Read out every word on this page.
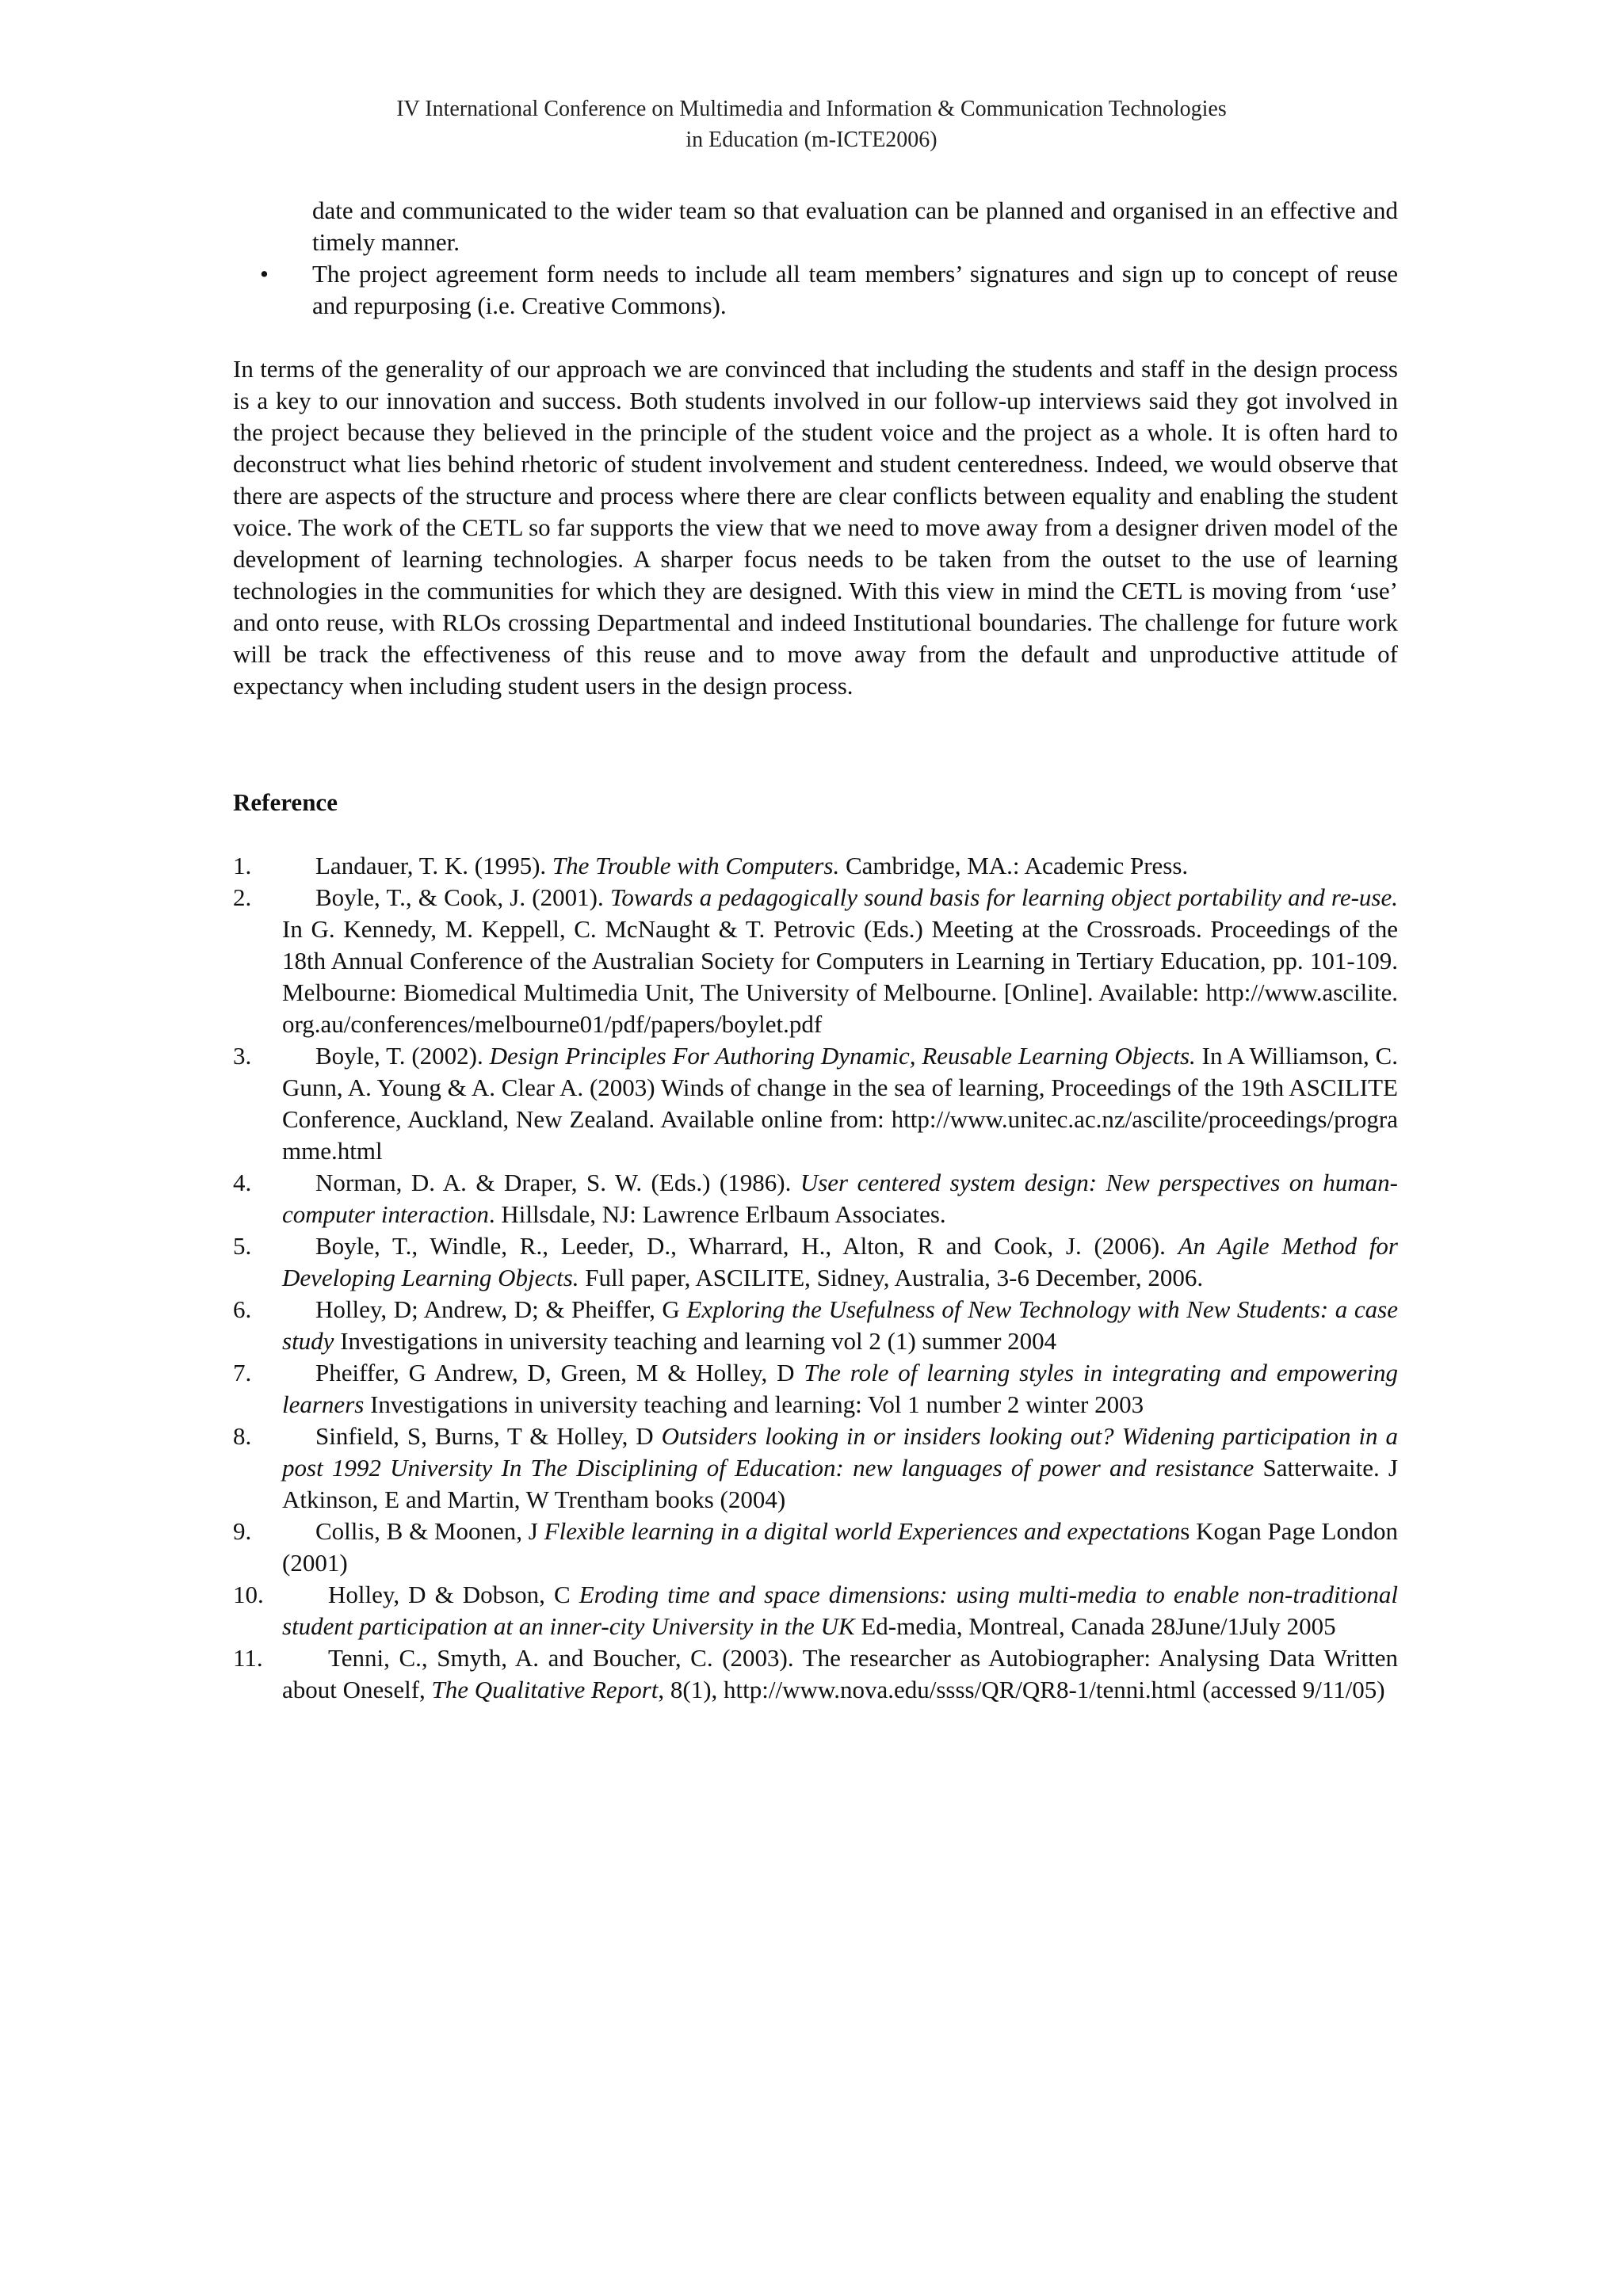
IV International Conference on Multimedia and Information & Communication Technologies
in Education (m-ICTE2006)
date and communicated to the wider team so that evaluation can be planned and organised in an effective and timely manner.
•	The project agreement form needs to include all team members’ signatures and sign up to concept of reuse and repurposing (i.e. Creative Commons).
In terms of the generality of our approach we are convinced that including the students and staff in the design process is a key to our innovation and success. Both students involved in our follow-up interviews said they got involved in the project because they believed in the principle of the student voice and the project as a whole. It is often hard to deconstruct what lies behind rhetoric of student involvement and student centeredness. Indeed, we would observe that there are aspects of the structure and process where there are clear conflicts between equality and enabling the student voice. The work of the CETL so far supports the view that we need to move away from a designer driven model of the development of learning technologies. A sharper focus needs to be taken from the outset to the use of learning technologies in the communities for which they are designed. With this view in mind the CETL is moving from ‘use’ and onto reuse, with RLOs crossing Departmental and indeed Institutional boundaries. The challenge for future work will be track the effectiveness of this reuse and to move away from the default and unproductive attitude of expectancy when including student users in the design process.
Reference
1.	Landauer, T. K. (1995). The Trouble with Computers. Cambridge, MA.: Academic Press.
2.	Boyle, T., & Cook, J. (2001). Towards a pedagogically sound basis for learning object portability and re-use. In G. Kennedy, M. Keppell, C. McNaught & T. Petrovic (Eds.) Meeting at the Crossroads. Proceedings of the 18th Annual Conference of the Australian Society for Computers in Learning in Tertiary Education, pp. 101-109. Melbourne: Biomedical Multimedia Unit, The University of Melbourne. [Online]. Available: http://www.ascilite.org.au/conferences/melbourne01/pdf/papers/boylet.pdf
3.	Boyle, T. (2002). Design Principles For Authoring Dynamic, Reusable Learning Objects. In A Williamson, C. Gunn, A. Young & A. Clear A. (2003) Winds of change in the sea of learning, Proceedings of the 19th ASCILITE Conference, Auckland, New Zealand. Available online from: http://www.unitec.ac.nz/ascilite/proceedings/programme.html
4.	Norman, D. A. & Draper, S. W. (Eds.) (1986). User centered system design: New perspectives on human-computer interaction. Hillsdale, NJ: Lawrence Erlbaum Associates.
5.	Boyle, T., Windle, R., Leeder, D., Wharrard, H., Alton, R and Cook, J. (2006). An Agile Method for Developing Learning Objects. Full paper, ASCILITE, Sidney, Australia, 3-6 December, 2006.
6.	Holley, D; Andrew, D; & Pheiffer, G Exploring the Usefulness of New Technology with New Students: a case study Investigations in university teaching and learning vol 2 (1) summer 2004
7.	Pheiffer, G Andrew, D, Green, M & Holley, D The role of learning styles in integrating and empowering learners Investigations in university teaching and learning: Vol 1 number 2 winter 2003
8.	Sinfield, S, Burns, T & Holley, D Outsiders looking in or insiders looking out? Widening participation in a post 1992 University In The Disciplining of Education: new languages of power and resistance Satterwaite. J Atkinson, E and Martin, W Trentham books (2004)
9.	Collis, B & Moonen, J Flexible learning in a digital world Experiences and expectations Kogan Page London (2001)
10.	Holley, D & Dobson, C Eroding time and space dimensions: using multi-media to enable non-traditional student participation at an inner-city University in the UK Ed-media, Montreal, Canada 28June/1July 2005
11.	Tenni, C., Smyth, A. and Boucher, C. (2003). The researcher as Autobiographer: Analysing Data Written about Oneself, The Qualitative Report, 8(1), http://www.nova.edu/ssss/QR/QR8-1/tenni.html (accessed 9/11/05)
